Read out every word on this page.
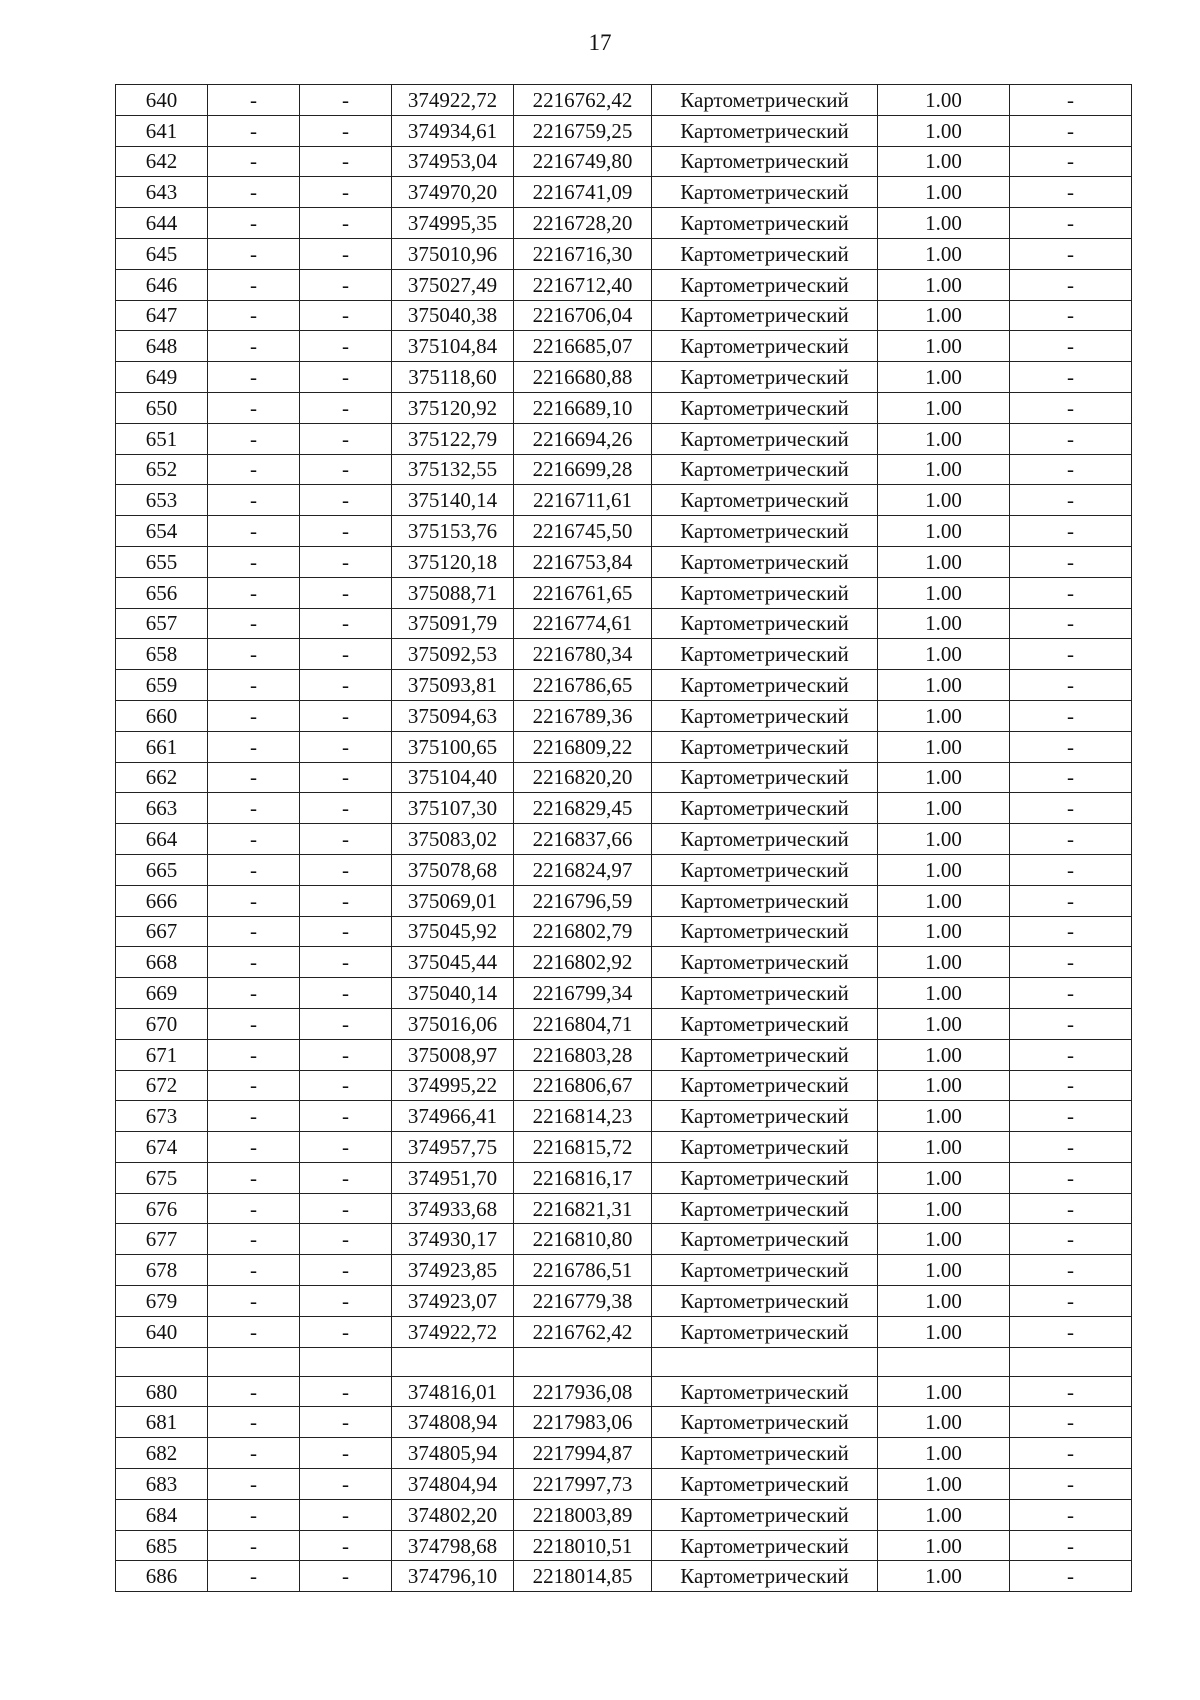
17
640	-	-	374922,72	2216762,42	Картометрический	1.00	-
641	-	-	374934,61	2216759,25	Картометрический	1.00	-
642	-	-	374953,04	2216749,80	Картометрический	1.00	-
643	-	-	374970,20	2216741,09	Картометрический	1.00	-
644	-	-	374995,35	2216728,20	Картометрический	1.00	-
645	-	-	375010,96	2216716,30	Картометрический	1.00	-
646	-	-	375027,49	2216712,40	Картометрический	1.00	-
647	-	-	375040,38	2216706,04	Картометрический	1.00	-
648	-	-	375104,84	2216685,07	Картометрический	1.00	-
649	-	-	375118,60	2216680,88	Картометрический	1.00	-
650	-	-	375120,92	2216689,10	Картометрический	1.00	-
651	-	-	375122,79	2216694,26	Картометрический	1.00	-
652	-	-	375132,55	2216699,28	Картометрический	1.00	-
653	-	-	375140,14	2216711,61	Картометрический	1.00	-
654	-	-	375153,76	2216745,50	Картометрический	1.00	-
655	-	-	375120,18	2216753,84	Картометрический	1.00	-
656	-	-	375088,71	2216761,65	Картометрический	1.00	-
657	-	-	375091,79	2216774,61	Картометрический	1.00	-
658	-	-	375092,53	2216780,34	Картометрический	1.00	-
659	-	-	375093,81	2216786,65	Картометрический	1.00	-
660	-	-	375094,63	2216789,36	Картометрический	1.00	-
661	-	-	375100,65	2216809,22	Картометрический	1.00	-
662	-	-	375104,40	2216820,20	Картометрический	1.00	-
663	-	-	375107,30	2216829,45	Картометрический	1.00	-
664	-	-	375083,02	2216837,66	Картометрический	1.00	-
665	-	-	375078,68	2216824,97	Картометрический	1.00	-
666	-	-	375069,01	2216796,59	Картометрический	1.00	-
667	-	-	375045,92	2216802,79	Картометрический	1.00	-
668	-	-	375045,44	2216802,92	Картометрический	1.00	-
669	-	-	375040,14	2216799,34	Картометрический	1.00	-
670	-	-	375016,06	2216804,71	Картометрический	1.00	-
671	-	-	375008,97	2216803,28	Картометрический	1.00	-
672	-	-	374995,22	2216806,67	Картометрический	1.00	-
673	-	-	374966,41	2216814,23	Картометрический	1.00	-
674	-	-	374957,75	2216815,72	Картометрический	1.00	-
675	-	-	374951,70	2216816,17	Картометрический	1.00	-
676	-	-	374933,68	2216821,31	Картометрический	1.00	-
677	-	-	374930,17	2216810,80	Картометрический	1.00	-
678	-	-	374923,85	2216786,51	Картометрический	1.00	-
679	-	-	374923,07	2216779,38	Картометрический	1.00	-
640	-	-	374922,72	2216762,42	Картометрический	1.00	-

680	-	-	374816,01	2217936,08	Картометрический	1.00	-
681	-	-	374808,94	2217983,06	Картометрический	1.00	-
682	-	-	374805,94	2217994,87	Картометрический	1.00	-
683	-	-	374804,94	2217997,73	Картометрический	1.00	-
684	-	-	374802,20	2218003,89	Картометрический	1.00	-
685	-	-	374798,68	2218010,51	Картометрический	1.00	-
686	-	-	374796,10	2218014,85	Картометрический	1.00	-
